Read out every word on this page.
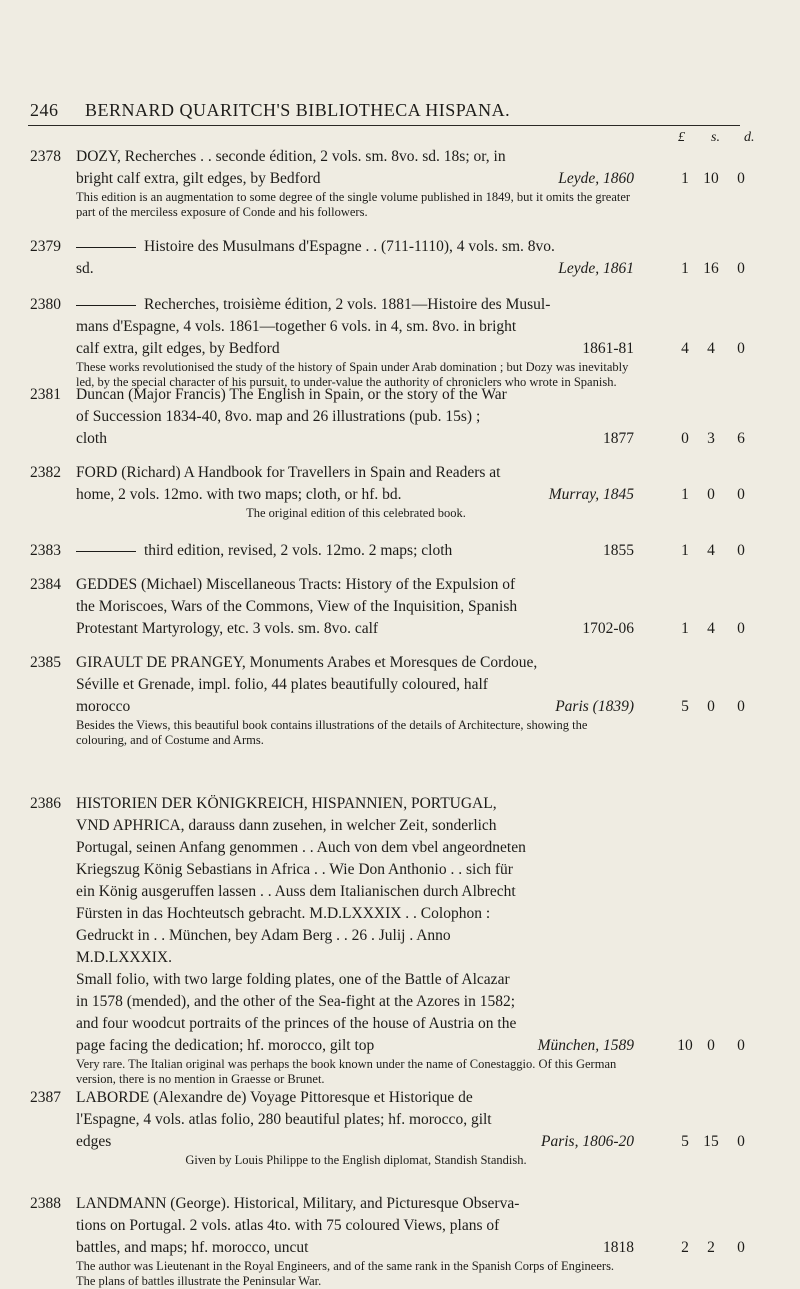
246 BERNARD QUARITCH'S BIBLIOTHECA HISPANA.
£ s. d.
2378 DOZY, Recherches . . seconde édition, 2 vols. sm. 8vo. sd. 18s; or, in
bright calf extra, gilt edges, by Bedford	Leyde, 1860	1 10	0
This edition is an augmentation to some degree of the single volume published in 1849, but it omits the greater part of the merciless exposure of Conde and his followers.
2379	Histoire des Musulmans d'Espagne . . (711-1110), 4 vols. sm. 8vo.
sd.	Leyde, 1861	1 16	0
2380	Recherches, troisième édition, 2 vols. 1881—Histoire des Musul-
mans d'Espagne, 4 vols. 1861—together 6 vols. in 4, sm. 8vo. in bright
calf extra, gilt edges, by Bedford	1861-81	4	4	0
These works revolutionised the study of the history of Spain under Arab domination ; but Dozy was inevitably led, by the special character of his pursuit, to under-value the authority of chroniclers who wrote in Spanish.
2381 Duncan (Major Francis) The English in Spain, or the story of the War
of Succession 1834-40, 8vo. map and 26 illustrations (pub. 15s) ;
cloth	1877	0	3	6
2382 FORD (Richard) A Handbook for Travellers in Spain and Readers at
home, 2 vols. 12mo. with two maps; cloth, or hf. bd.	Murray, 1845	1	0	0
The original edition of this celebrated book.
2383	third edition, revised, 2 vols. 12mo. 2 maps; cloth	1855	1	4	0
2384 GEDDES (Michael) Miscellaneous Tracts: History of the Expulsion of
the Moriscoes, Wars of the Commons, View of the Inquisition, Spanish
Protestant Martyrology, etc. 3 vols. sm. 8vo. calf	1702-06	1	4	0
2385 GIRAULT DE PRANGEY, Monuments Arabes et Moresques de Cordoue,
Séville et Grenade, impl. folio, 44 plates beautifully coloured, half
morocco	Paris (1839)	5	0	0
Besides the Views, this beautiful book contains illustrations of the details of Architecture, showing the colouring, and of Costume and Arms.
2386 HISTORIEN DER KÖNIGKREICH, HISPANNIEN, PORTUGAL,
VND APHRICA, darauss dann zusehen, in welcher Zeit, sonderlich
Portugal, seinen Anfang genommen . . Auch von dem vbel angeordneten
Kriegszug König Sebastians in Africa . . Wie Don Anthonio . . sich für
ein König ausgeruffen lassen . . Auss dem Italianischen durch Albrecht
Fürsten in das Hochteutsch gebracht. M.D.LXXXIX . . Colophon :
Gedruckt in . . München, bey Adam Berg . . 26 . Julij . Anno
M.D.LXXXIX.
Small folio, with two large folding plates, one of the Battle of Alcazar
in 1578 (mended), and the other of the Sea-fight at the Azores in 1582;
and four woodcut portraits of the princes of the house of Austria on the
page facing the dedication; hf. morocco, gilt top	München, 1589	10 0	0
Very rare. The Italian original was perhaps the book known under the name of Conestaggio. Of this German version, there is no mention in Graesse or Brunet.
2387 LABORDE (Alexandre de) Voyage Pittoresque et Historique de
l'Espagne, 4 vols. atlas folio, 280 beautiful plates; hf. morocco, gilt
edges	Paris, 1806-20	5 15	0
Given by Louis Philippe to the English diplomat, Standish Standish.
2388 LANDMANN (George). Historical, Military, and Picturesque Observa-
tions on Portugal. 2 vols. atlas 4to. with 75 coloured Views, plans of
battles, and maps; hf. morocco, uncut	1818	2	2	0
The author was Lieutenant in the Royal Engineers, and of the same rank in the Spanish Corps of Engineers. The plans of battles illustrate the Peninsular War.
